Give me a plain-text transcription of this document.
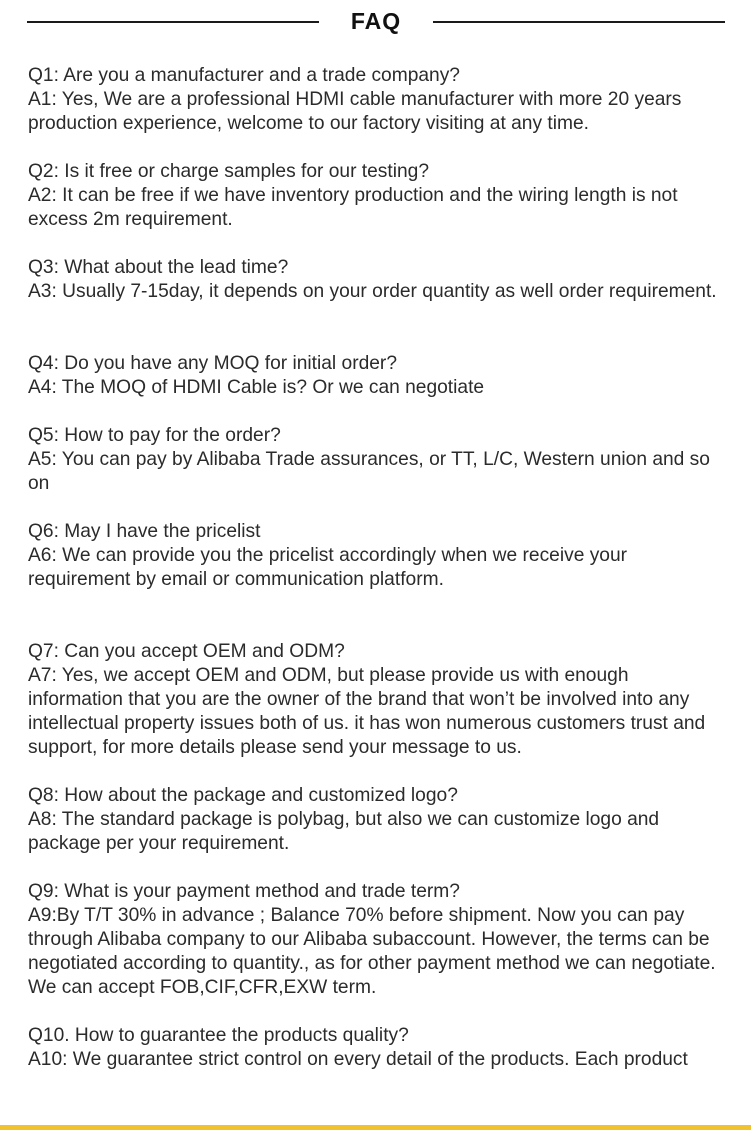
FAQ
Q1: Are you a manufacturer and a trade company?
A1: Yes, We are a professional HDMI cable manufacturer with more 20 years production experience, welcome to our factory visiting at any time.
Q2: Is it free or charge samples for our testing?
A2: It can be free if we have inventory production and the wiring length is not excess 2m requirement.
Q3: What about the lead time?
A3: Usually 7-15day, it depends on your order quantity as well order requirement.
Q4: Do you have any MOQ for initial order?
A4: The MOQ of HDMI Cable is? Or we can negotiate
Q5: How to pay for the order?
A5: You can pay by Alibaba Trade assurances, or TT, L/C, Western union and so on
Q6: May I have the pricelist
A6: We can provide you the pricelist accordingly when we receive your requirement by email or communication platform.
Q7: Can you accept OEM and ODM?
A7: Yes, we accept OEM and ODM, but please provide us with enough information that you are the owner of the brand that won’t be involved into any intellectual property issues both of us. it has won numerous customers trust and support, for more details please send your message to us.
Q8: How about the package and customized logo?
A8: The standard package is polybag, but also we can customize logo and package per your requirement.
Q9: What is your payment method and trade term?
A9:By T/T 30% in advance ; Balance 70% before shipment. Now you can pay through Alibaba company to our Alibaba subaccount. However, the terms can be negotiated according to quantity., as for other payment method we can negotiate. We can accept FOB,CIF,CFR,EXW term.
Q10. How to guarantee the products quality?
A10: We guarantee strict control on every detail of the products. Each product
